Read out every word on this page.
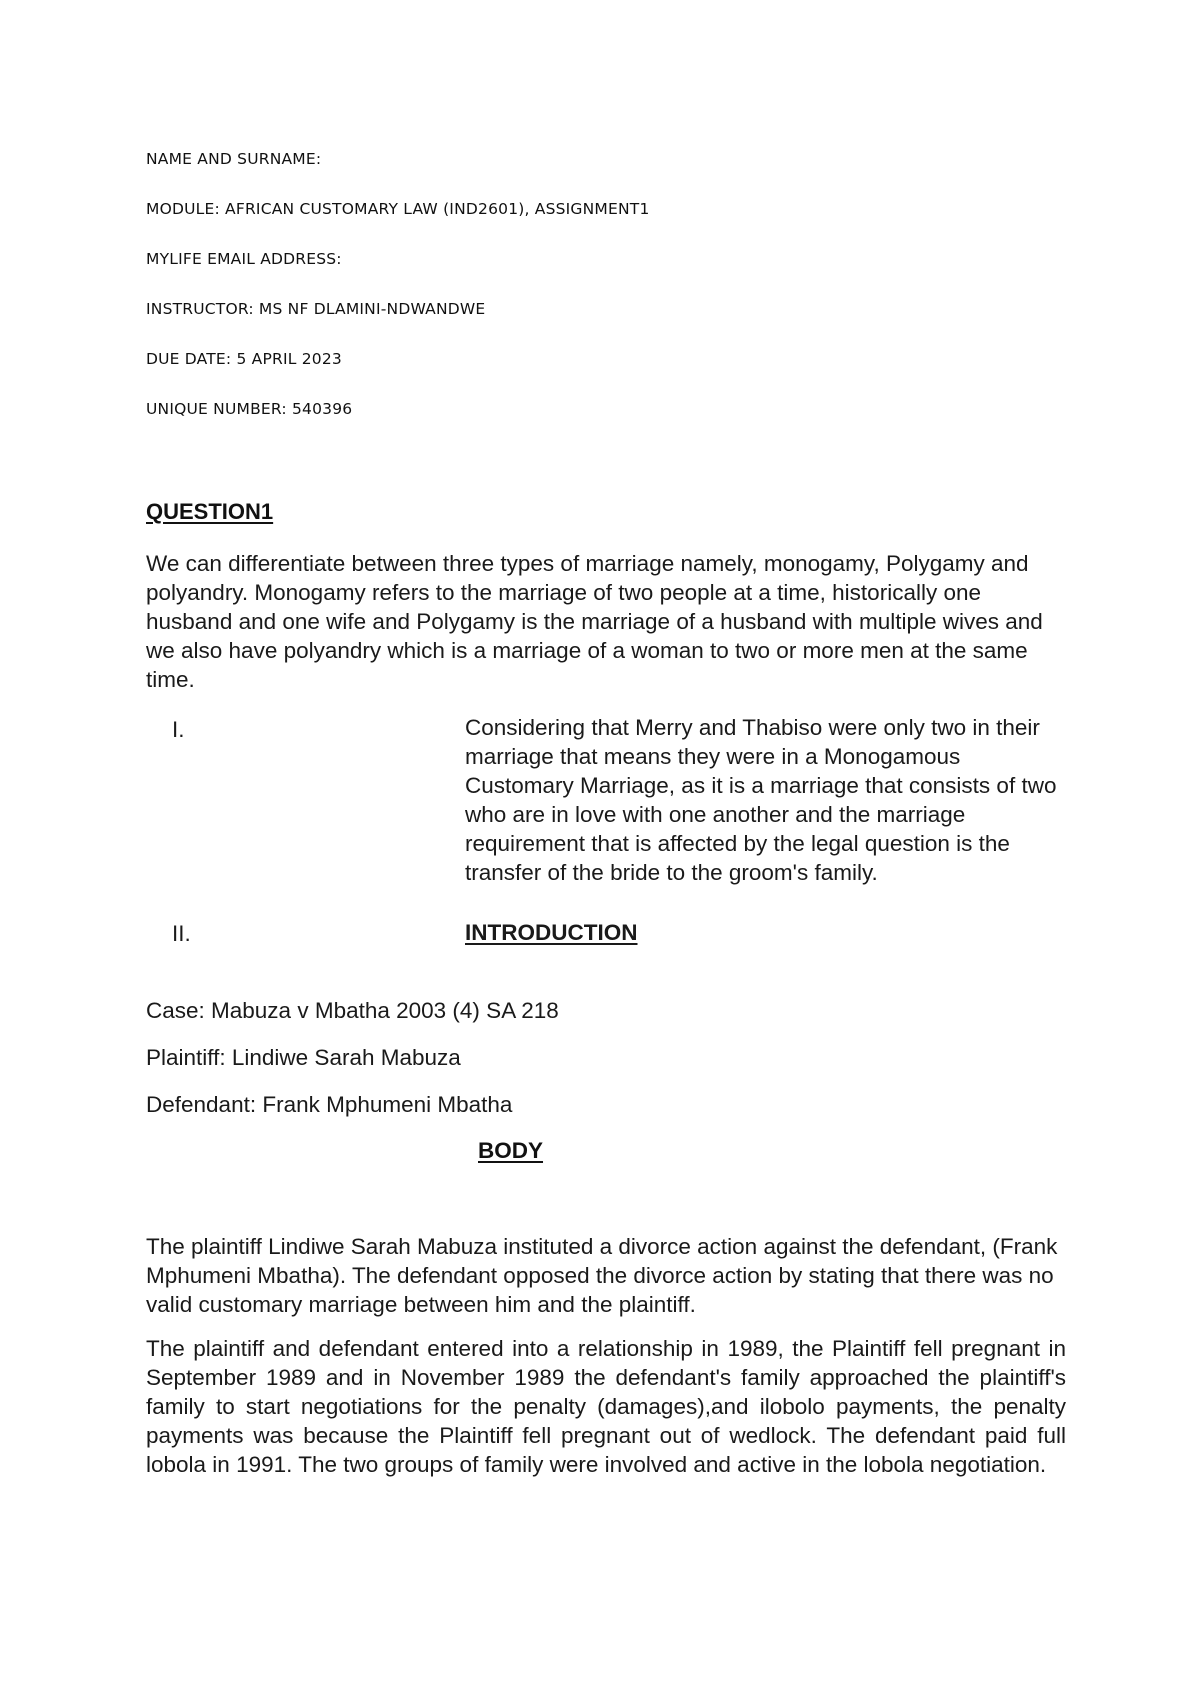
NAME AND SURNAME:
MODULE: AFRICAN CUSTOMARY LAW (IND2601), ASSIGNMENT1
MYLIFE EMAIL ADDRESS:
INSTRUCTOR: MS NF DLAMINI-NDWANDWE
DUE DATE: 5 APRIL 2023
UNIQUE NUMBER: 540396
QUESTION1

We can differentiate between three types of marriage namely, monogamy, Polygamy and polyandry. Monogamy refers to the marriage of two people at a time, historically one husband and one wife and Polygamy is the marriage of a husband with multiple wives and we also have polyandry which is a marriage of a woman to two or more men at the same time.

I.	Considering that Merry and Thabiso were only two in their marriage that means they were in a Monogamous Customary Marriage, as it is a marriage that consists of two who are in love with one another and the marriage requirement that is affected by the legal question is the transfer of the bride to the groom's family.

II.	INTRODUCTION
Case: Mabuza v Mbatha 2003 (4) SA 218
Plaintiff: Lindiwe Sarah Mabuza
Defendant: Frank Mphumeni Mbatha
BODY

The plaintiff Lindiwe Sarah Mabuza instituted a divorce action against the defendant, (Frank Mphumeni Mbatha). The defendant opposed the divorce action by stating that there was no valid customary marriage between him and the plaintiff.

The plaintiff and defendant entered into a relationship in 1989, the Plaintiff fell pregnant in September 1989 and in November 1989 the defendant's family approached the plaintiff's family to start negotiations for the penalty (damages),and ilobolo payments, the penalty payments was because the Plaintiff fell pregnant out of wedlock. The defendant paid full lobola in 1991. The two groups of family were involved and active in the lobola negotiation.
